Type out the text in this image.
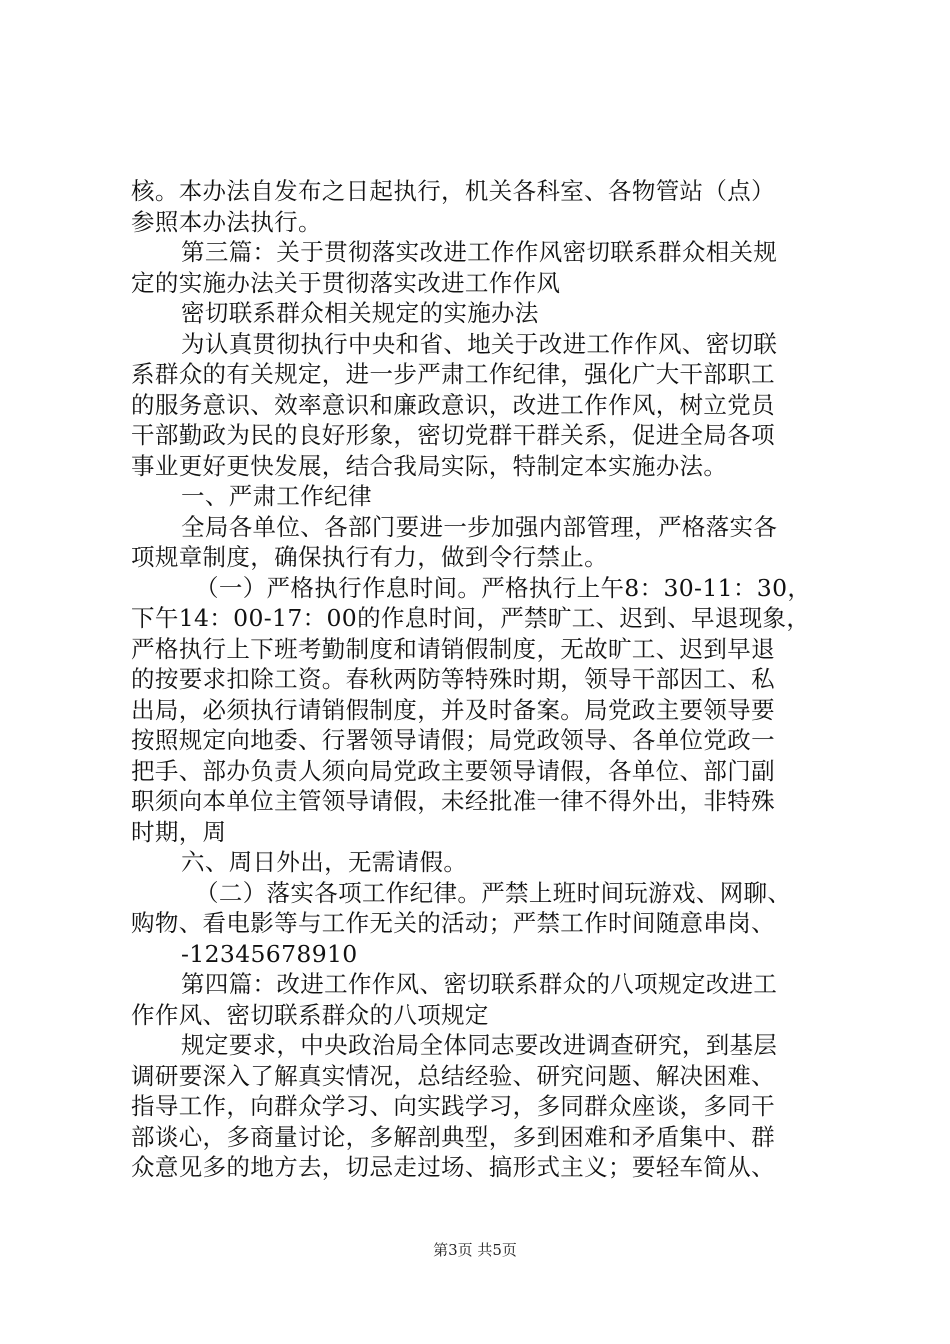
核。本办法自发布之日起执行，机关各科室、各物管站（点）
参照本办法执行。
第三篇：关于贯彻落实改进工作作风密切联系群众相关规
定的实施办法关于贯彻落实改进工作作风
密切联系群众相关规定的实施办法
为认真贯彻执行中央和省、地关于改进工作作风、密切联
系群众的有关规定，进一步严肃工作纪律，强化广大干部职工
的服务意识、效率意识和廉政意识，改进工作作风，树立党员
干部勤政为民的良好形象，密切党群干群关系，促进全局各项
事业更好更快发展，结合我局实际，特制定本实施办法。
一、严肃工作纪律
全局各单位、各部门要进一步加强内部管理，严格落实各
项规章制度，确保执行有力，做到令行禁止。
（一）严格执行作息时间。严格执行上午8：30-11：30，
下午14：00-17：00的作息时间，严禁旷工、迟到、早退现象，
严格执行上下班考勤制度和请销假制度，无故旷工、迟到早退
的按要求扣除工资。春秋两防等特殊时期，领导干部因工、私
出局，必须执行请销假制度，并及时备案。局党政主要领导要
按照规定向地委、行署领导请假；局党政领导、各单位党政一
把手、部办负责人须向局党政主要领导请假，各单位、部门副
职须向本单位主管领导请假，未经批准一律不得外出，非特殊
时期，周
六、周日外出，无需请假。
（二）落实各项工作纪律。严禁上班时间玩游戏、网聊、
购物、看电影等与工作无关的活动；严禁工作时间随意串岗、
-12345678910
第四篇：改进工作作风、密切联系群众的八项规定改进工
作作风、密切联系群众的八项规定
规定要求，中央政治局全体同志要改进调查研究，到基层
调研要深入了解真实情况，总结经验、研究问题、解决困难、
指导工作，向群众学习、向实践学习，多同群众座谈，多同干
部谈心，多商量讨论，多解剖典型，多到困难和矛盾集中、群
众意见多的地方去，切忌走过场、搞形式主义；要轻车简从、
第3页 共5页
